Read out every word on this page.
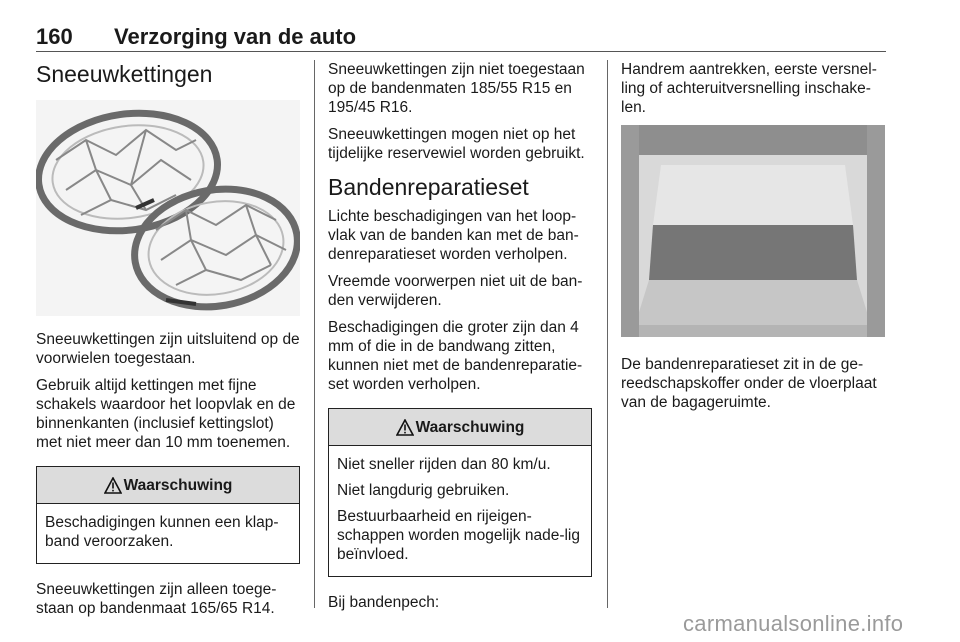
160 Verzorging van de auto
Sneeuwkettingen

Sneeuwkettingen zijn uitsluitend op de voorwielen toegestaan.

Gebruik altijd kettingen met fijne schakels waardoor het loopvlak en de binnenkanten (inclusief kettingslot) met niet meer dan 10 mm toenemen.

Waarschuwing

Beschadigingen kunnen een klap-band veroorzaken.

Sneeuwkettingen zijn alleen toege-staan op bandenmaat 165/65 R14.

Sneeuwkettingen zijn niet toegestaan op de bandenmaten 185/55 R15 en 195/45 R16.

Sneeuwkettingen mogen niet op het tijdelijke reservewiel worden gebruikt.

Bandenreparatieset

Lichte beschadigingen van het loop-vlak van de banden kan met de ban-denreparatieset worden verholpen.

Vreemde voorwerpen niet uit de ban-den verwijderen.

Beschadigingen die groter zijn dan 4 mm of die in de bandwang zitten, kunnen niet met de bandenreparatie-set worden verholpen.

Waarschuwing

Niet sneller rijden dan 80 km/u.

Niet langdurig gebruiken.

Bestuurbaarheid en rijeigen-schappen worden mogelijk nade-lig beïnvloed.

Bij bandenpech:

Handrem aantrekken, eerste versnel-ling of achteruitversnelling inschake-len.

De bandenreparatieset zit in de ge-reedschapskoffer onder de vloerplaat van de bagageruimte.

carmanualsonline.info
